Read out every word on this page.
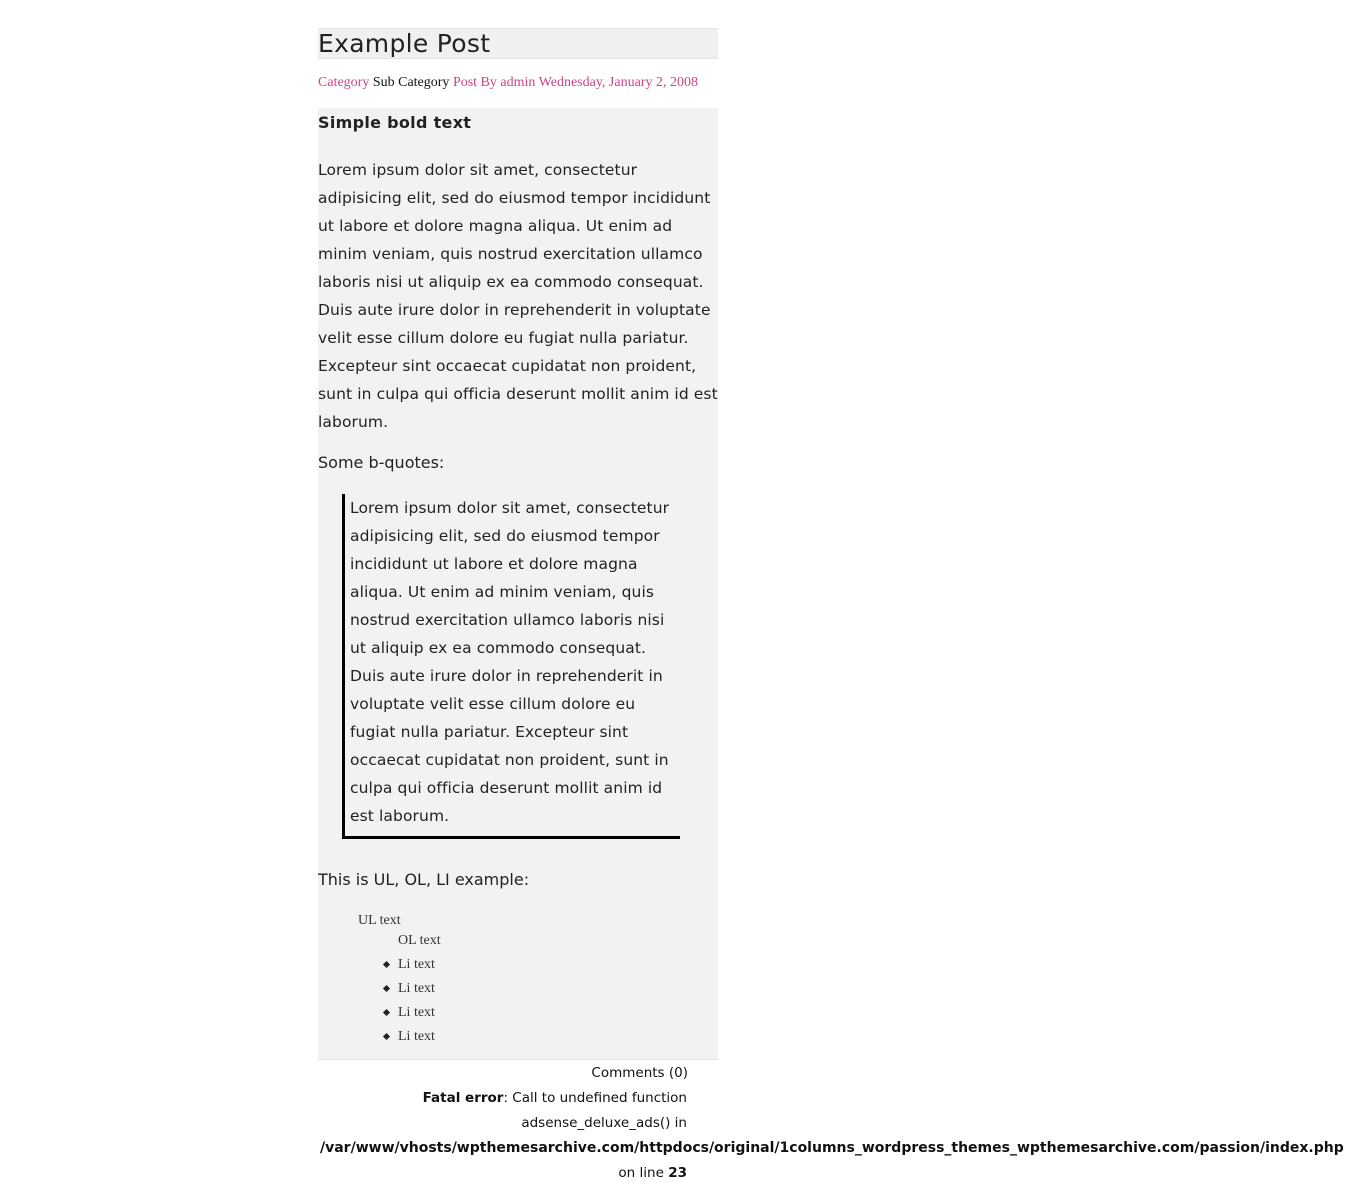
Example Post
Category Sub Category Post By admin Wednesday, January 2, 2008
Simple bold text
Lorem ipsum dolor sit amet, consectetur adipisicing elit, sed do eiusmod tempor incididunt ut labore et dolore magna aliqua. Ut enim ad minim veniam, quis nostrud exercitation ullamco laboris nisi ut aliquip ex ea commodo consequat. Duis aute irure dolor in reprehenderit in voluptate velit esse cillum dolore eu fugiat nulla pariatur. Excepteur sint occaecat cupidatat non proident, sunt in culpa qui officia deserunt mollit anim id est laborum.
Some b-quotes:
Lorem ipsum dolor sit amet, consectetur adipisicing elit, sed do eiusmod tempor incididunt ut labore et dolore magna aliqua. Ut enim ad minim veniam, quis nostrud exercitation ullamco laboris nisi ut aliquip ex ea commodo consequat. Duis aute irure dolor in reprehenderit in voluptate velit esse cillum dolore eu fugiat nulla pariatur. Excepteur sint occaecat cupidatat non proident, sunt in culpa qui officia deserunt mollit anim id est laborum.
This is UL, OL, LI example:
UL text
OL text
Li text
Li text
Li text
Li text
Comments (0)
Fatal error: Call to undefined function
adsense_deluxe_ads() in
/var/www/vhosts/wpthemesarchive.com/httpdocs/original/1columns_wordpress_themes_wpthemesarchive.com/passion/index.php
on line 23
